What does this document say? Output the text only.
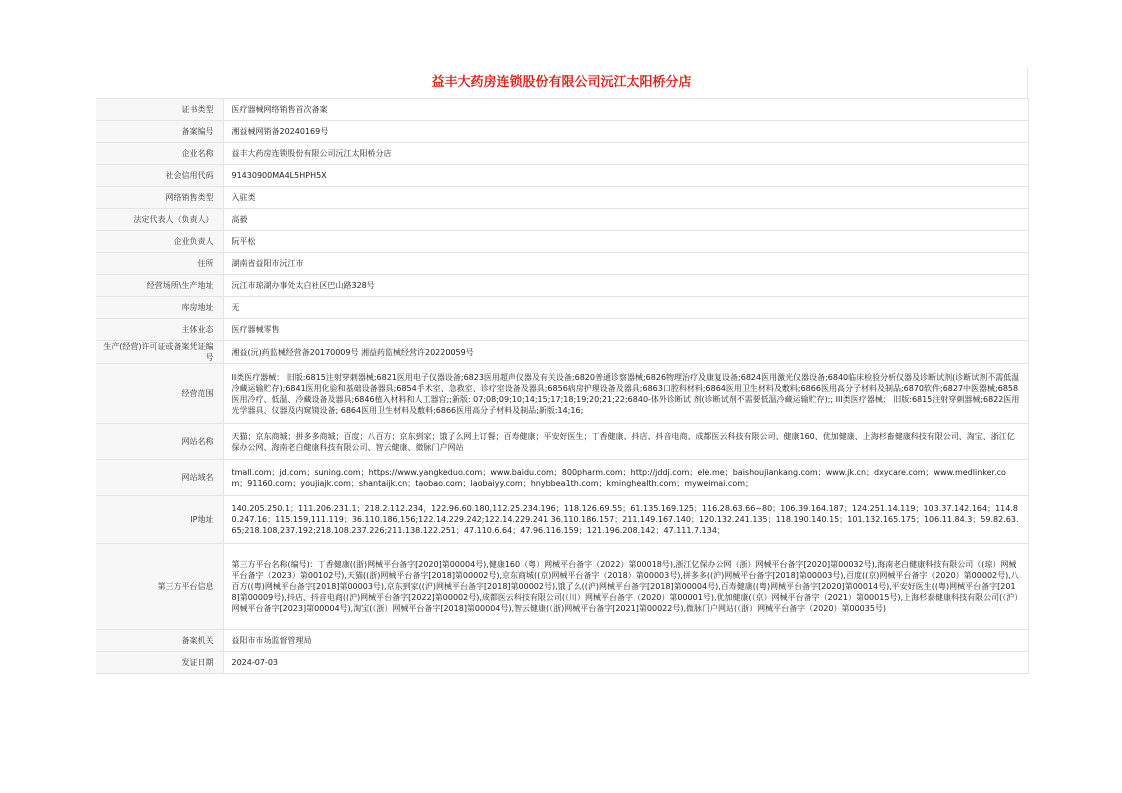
益丰大药房连锁股份有限公司沅江太阳桥分店
证书类型	医疗器械网络销售首次备案
备案编号	湘益械网销备20240169号
企业名称	益丰大药房连锁股份有限公司沅江太阳桥分店
社会信用代码	91430900MA4L5HPH5X
网络销售类型	入驻类
法定代表人（负责人）	高毅
企业负责人	阮平松
住所	湖南省益阳市沅江市
经营场所\生产地址	沅江市琼湖办事处太白社区巴山路328号
库房地址	无
主体业态	医疗器械零售
生产(经营)许可证或备案凭证编号	湘益(沅)药监械经营备20170009号 湘益药监械经营许20220059号
经营范围	II类医疗器械： 旧版:6815注射穿刺器械;6821医用电子仪器设备;6823医用超声仪器及有关设备;6820普通诊察器械;6826物理治疗及康复设备;6824医用激光仪器设备;6840临床检验分析仪器及诊断试剂(诊断试剂不需低温冷藏运输贮存);6841医用化验和基础设备器具;6854手术室、急救室、诊疗室设备及器具;6856病房护理设备及器具;6863口腔科材料;6864医用卫生材料及敷料;6866医用高分子材料及制品;6870软件;6827中医器械;6858医用冷疗、低温、冷藏设备及器具;6846植入材料和人工器官;;新版: 07;08;09;10;14;15;17;18;19;20;21;22;6840-体外诊断试 剂(诊断试剂不需要低温冷藏运输贮存);; III类医疗器械： 旧版:6815注射穿刺器械;6822医用光学器具、仪器及内窥镜设备; 6864医用卫生材料及敷料;6866医用高分子材料及制品;新版:14;16;
网站名称	天猫；京东商城；拼多多商城；百度；八百方；京东到家；饿了么网上订餐；百寿健康；平安好医生；丁香健康、抖店、抖音电商、成都医云科技有限公司、健康160、优加健康、上海杉畜健康科技有限公司、淘宝、浙江亿保办公网、海南老白健康科技有限公司、智云健康、微脉门户网站
网站域名	tmall.com；jd.com；suning.com；https://www.yangkeduo.com；www.baidu.com；800pharm.com；http://jddj.com；ele.me；baishoujiankang.com；www.jk.cn；dxycare.com；www.medlinker.com；91160.com；youjiajk.com；shantaijk.cn；taobao.com；laobaiyy.com；hnybbea1th.com；kminghealth.com；myweimai.com；
IP地址	140.205.250.1；111.206.231.1；218.2.112.234，122.96.60.180,112.25.234.196；118.126.69.55；61.135.169.125；116.28.63.66~80；106.39.164.187；124.251.14.119；103.37.142.164；114.80.247.16；115.159,111.119；36.110.186,156;122.14.229.242;122.14.229.241 36.110.186.157；211.149.167.140；120.132.241.135；118.190.140.15；101.132.165.175；106.11.84.3；59.82.63.65;218.108,237.192;218.108.237.226;211.138.122.251；47.110.6.64；47.96.116.159；121.196.208.142；47.111.7.134；
第三方平台信息	第三方平台名称(编号)：丁香健康((浙)网械平台备字[2020]第00004号),健康160（粤）网械平台备字（2022）第00018号),浙江亿保办公网（浙）网械平台备字[2020]第00032号),海南老白健康科技有限公司（(琼）网械平台备字（2023）第00102号),天猫((浙)网械平台备字[2018]第00002号),京东商城((京)网械平台备字（2018）第00003号),拼多多((沪)网械平台备字[2018]第00003号),百度((京)网械平台备字（2020）第00002号),八百方((粤)网械平台备字[2018]第00003号),京东到家((沪)网械平台备字[2018]第00002号),饿了么((沪)网械平台备字[2018]第00004号),百寿健康((粤)网械平台备字[2020]第00014号),平安好医生((粤)网械平台备字[2018]第00009号),抖店、抖音电商((沪)网械平台备字[2022]第00002号),成都医云科技有限公司(（川）网械平台备字（2020）第00001号),优加健康(（京）网械平台备字（2021）第00015号),上海杉泰健康科技有限公司(（沪）网械平台备字[2023]第00004号),淘宝(（浙）网械平台备字[2018]第00004号),智云健康(（浙)网械平台备字[2021]第00022号),微脉门户网站(（浙）网械平台备字（2020）第00035号)
备案机关	益阳市市场监督管理局
发证日期	2024-07-03
